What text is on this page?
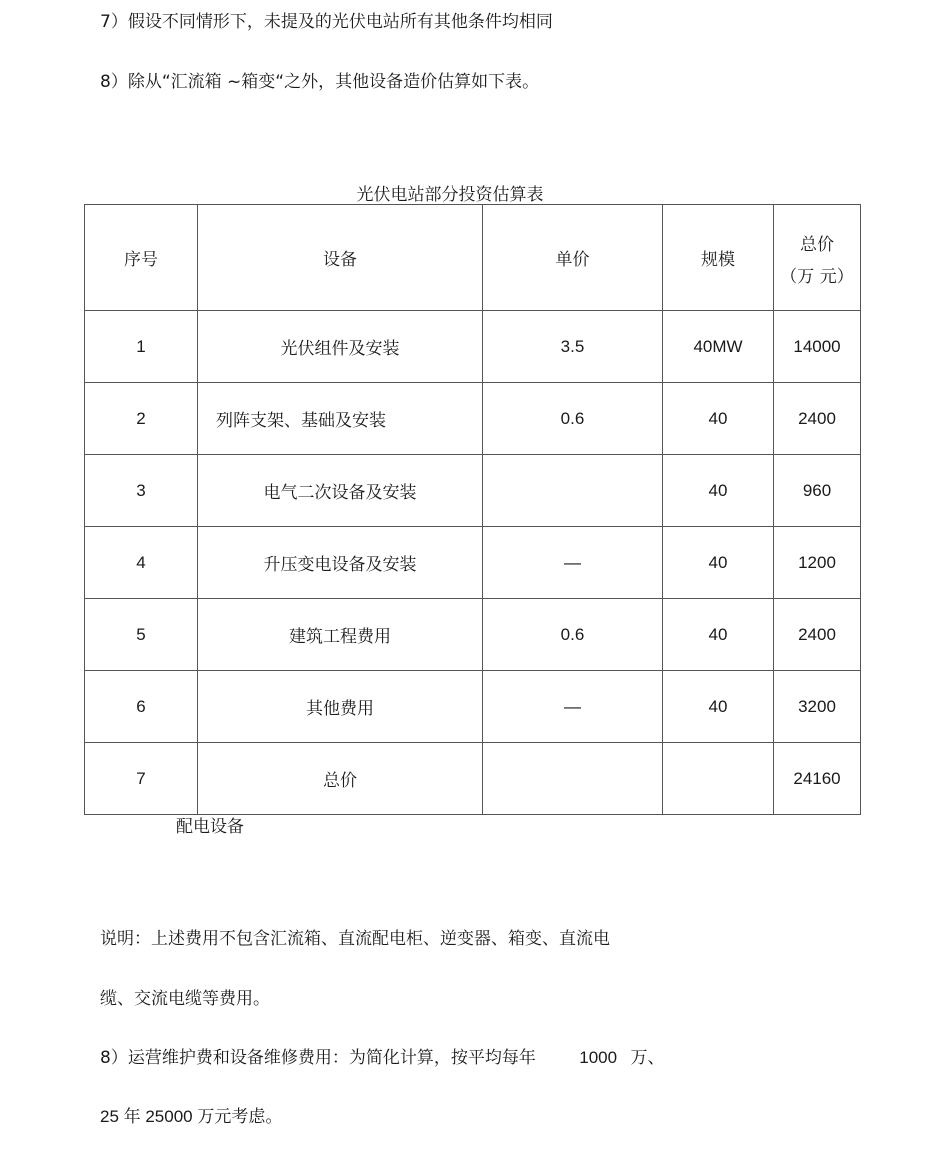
7）假设不同情形下，未提及的光伏电站所有其他条件均相同
8）除从“汇流箱 ~箱变“之外，其他设备造价估算如下表。
光伏电站部分投资估算表
序号	设备	单价	规模	总价
（万 元）

1	光伏组件及安装	3.5	40MW	14000
2	列阵支架、基础及安装	0.6	40	2400
3	电气二次设备及安装		40	960
4	升压变电设备及安装	—	40	1200
5	建筑工程费用	0.6	40	2400
6	其他费用	—	40	3200
7	总价			24160
配电设备
说明：上述费用不包含汇流箱、直流配电柜、逆变器、箱变、直流电
缆、交流电缆等费用。
8）运营维护费和设备维修费用：为简化计算，按平均每年	1000 万、
25 年 25000 万元考虑。
